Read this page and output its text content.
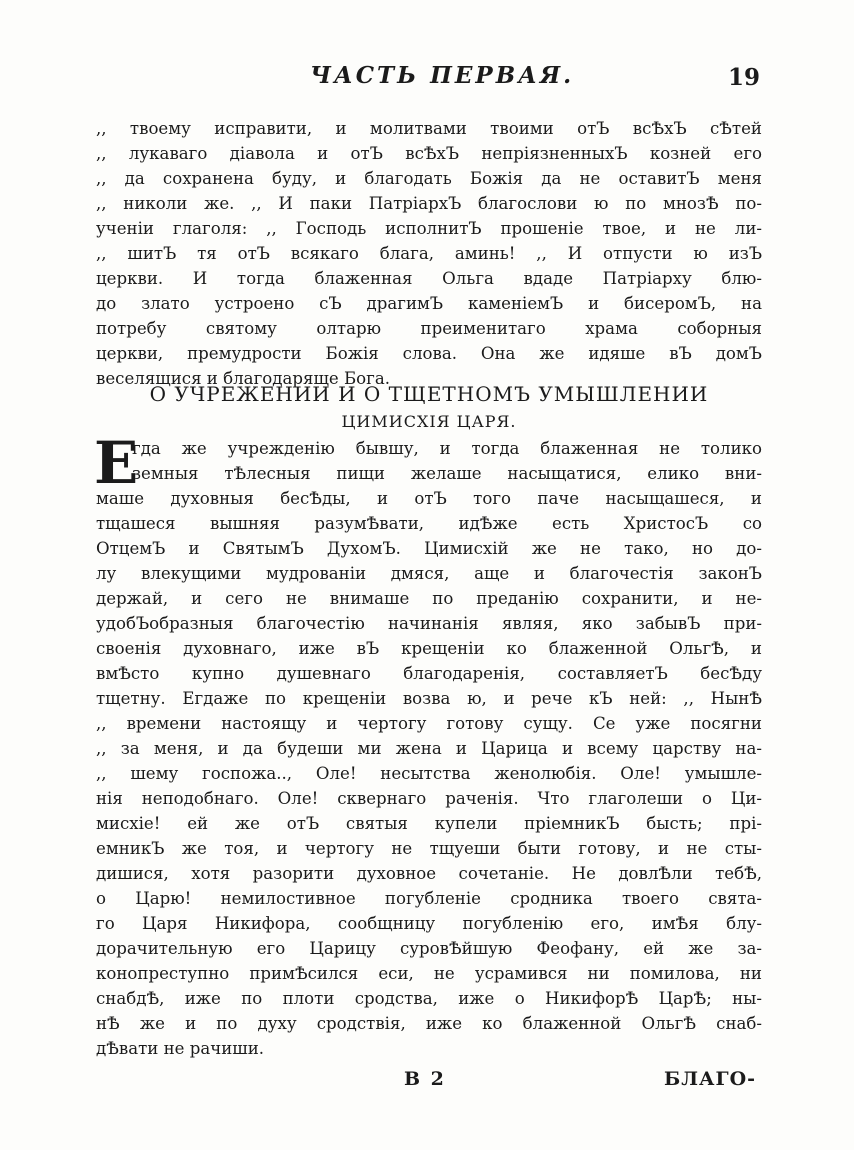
ЧАСТЬ ПЕРВАЯ.	19
,, твоему исправити, и молитвами твоими отЪ всѢхЪ сѢтей
,, лукаваго діавола и отЪ всѢхЪ непріязненныхЪ козней его
,, да сохранена буду, и благодать Божія да не оставитЪ меня
,, николи же. ,, И паки ПатріархЪ благослови ю по мнозѢ по-
ученіи глаголя: ,, Господь исполнитЪ прошеніе твое, и не ли-
,, шитЪ тя отЪ всякаго блага, аминь! ,, И отпусти ю изЪ
церкви. И тогда блаженная Ольга вдаде Патріарху блю-
до злато устроено сЪ драгимЪ каменіемЪ и бисеромЪ, на
потребу святому олтарю преименитаго храма соборныя
церкви, премудрости Божія слова. Она же идяше вЪ домЪ
веселящися и благодаряще Бога.
О УЧРЕЖЕНИИ И О ТЩЕТНОМЪ УМЫШЛЕНИИ
ЦИМИСХІЯ ЦАРЯ.
Е
гда же учрежденію бывшу, и тогда блаженная не толико
земныя тѢлесныя пищи желаше насыщатися, елико вни-
маше духовныя бесѢды, и отЪ того паче насыщашеся, и
тщашеся вышняя разумѢвати, идѢже есть ХристосЪ со
ОтцемЪ и СвятымЪ ДухомЪ. Цимисхій же не тако, но до-
лу влекущими мудрованіи дмяся, аще и благочестія законЪ
держай, и сего не внимаше по преданію сохранити, и не-
удобЪобразныя благочестію начинанія являя, яко забывЪ при-
своенія духовнаго, иже вЪ крещеніи ко блаженной ОльгѢ, и
вмѢсто купно душевнаго благодаренія, составляетЪ бесѢду
тщетну. Егдаже по крещеніи возва ю, и рече кЪ ней: ,, НынѢ
,, времени настоящу и чертогу готову сущу. Се уже посягни
,, за меня, и да будеши ми жена и Царица и всему царству на-
,, шему госпожа.., Оле! несытства женолюбія. Оле! умышле-
нія неподобнаго. Оле! сквернаго раченія. Что глаголеши о Ци-
мисхіе! ей же отЪ святыя купели пріемникЪ бысть; прі-
емникЪ же тоя, и чертогу не тщуеши быти готову, и не сты-
дишися, хотя разорити духовное сочетаніе. Не довлѢли тебѢ,
о Царю! немилостивное погубленіе сродника твоего свята-
го Царя Никифора, сообщницу погубленію его, имѢя блу-
дорачительную его Царицу суровѢйшую Феофану, ей же за-
конопреступно примѢсился еси, не усрамився ни помилова, ни
снабдѢ, иже по плоти сродства, иже о НикифорѢ ЦарѢ; ны-
нѢ же и по духу сродствія, иже ко блаженной ОльгѢ снаб-
дѢвати не рачиши.
В 2	БЛАГО-
